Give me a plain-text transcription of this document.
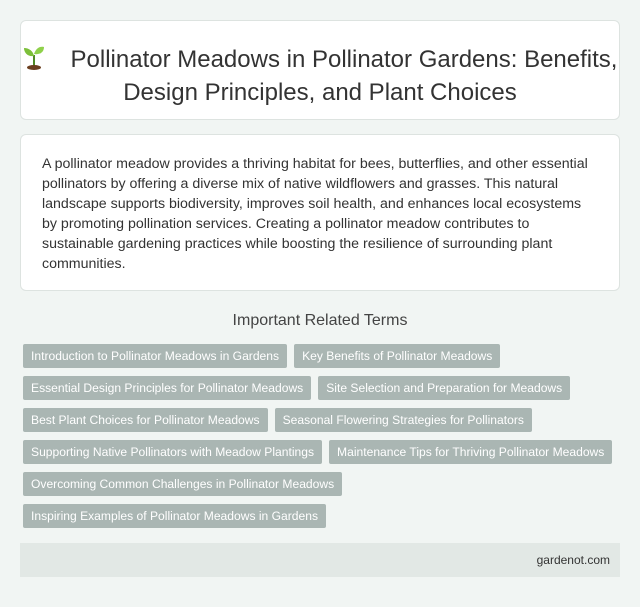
Pollinator Meadows in Pollinator Gardens: Benefits, Design Principles, and Plant Choices

A pollinator meadow provides a thriving habitat for bees, butterflies, and other essential pollinators by offering a diverse mix of native wildflowers and grasses. This natural landscape supports biodiversity, improves soil health, and enhances local ecosystems by promoting pollination services. Creating a pollinator meadow contributes to sustainable gardening practices while boosting the resilience of surrounding plant communities.

Important Related Terms
Introduction to Pollinator Meadows in Gardens	Key Benefits of Pollinator Meadows
Essential Design Principles for Pollinator Meadows	Site Selection and Preparation for Meadows
Best Plant Choices for Pollinator Meadows	Seasonal Flowering Strategies for Pollinators
Supporting Native Pollinators with Meadow Plantings	Maintenance Tips for Thriving Pollinator Meadows
Overcoming Common Challenges in Pollinator Meadows
Inspiring Examples of Pollinator Meadows in Gardens
gardenot.com
